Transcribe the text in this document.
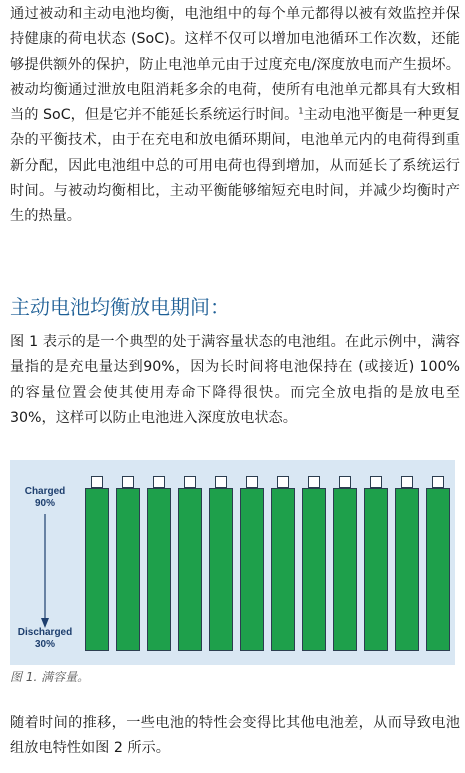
通过被动和主动电池均衡，电池组中的每个单元都得以被有效监控并保持健康的荷电状态 (SoC)。这样不仅可以增加电池循环工作次数，还能够提供额外的保护，防止电池单元由于过度充电/深度放电而产生损坏。被动均衡通过泄放电阻消耗多余的电荷，使所有电池单元都具有大致相当的 SoC，但是它并不能延长系统运行时间。$^1$主动电池平衡是一种更复杂的平衡技术，由于在充电和放电循环期间，电池单元内的电荷得到重新分配，因此电池组中总的可用电荷也得到增加，从而延长了系统运行时间。与被动均衡相比，主动平衡能够缩短充电时间，并减少均衡时产生的热量。

主动电池均衡放电期间：

图 1 表示的是一个典型的处于满容量状态的电池组。在此示例中，满容量指的是充电量达到90%，因为长时间将电池保持在 (或接近) 100% 的容量位置会使其使用寿命下降得很快。而完全放电指的是放电至30%，这样可以防止电池进入深度放电状态。

Charged
90%
Discharged
30%

图 1. 满容量。

随着时间的推移，一些电池的特性会变得比其他电池差，从而导致电池组放电特性如图 2 所示。
